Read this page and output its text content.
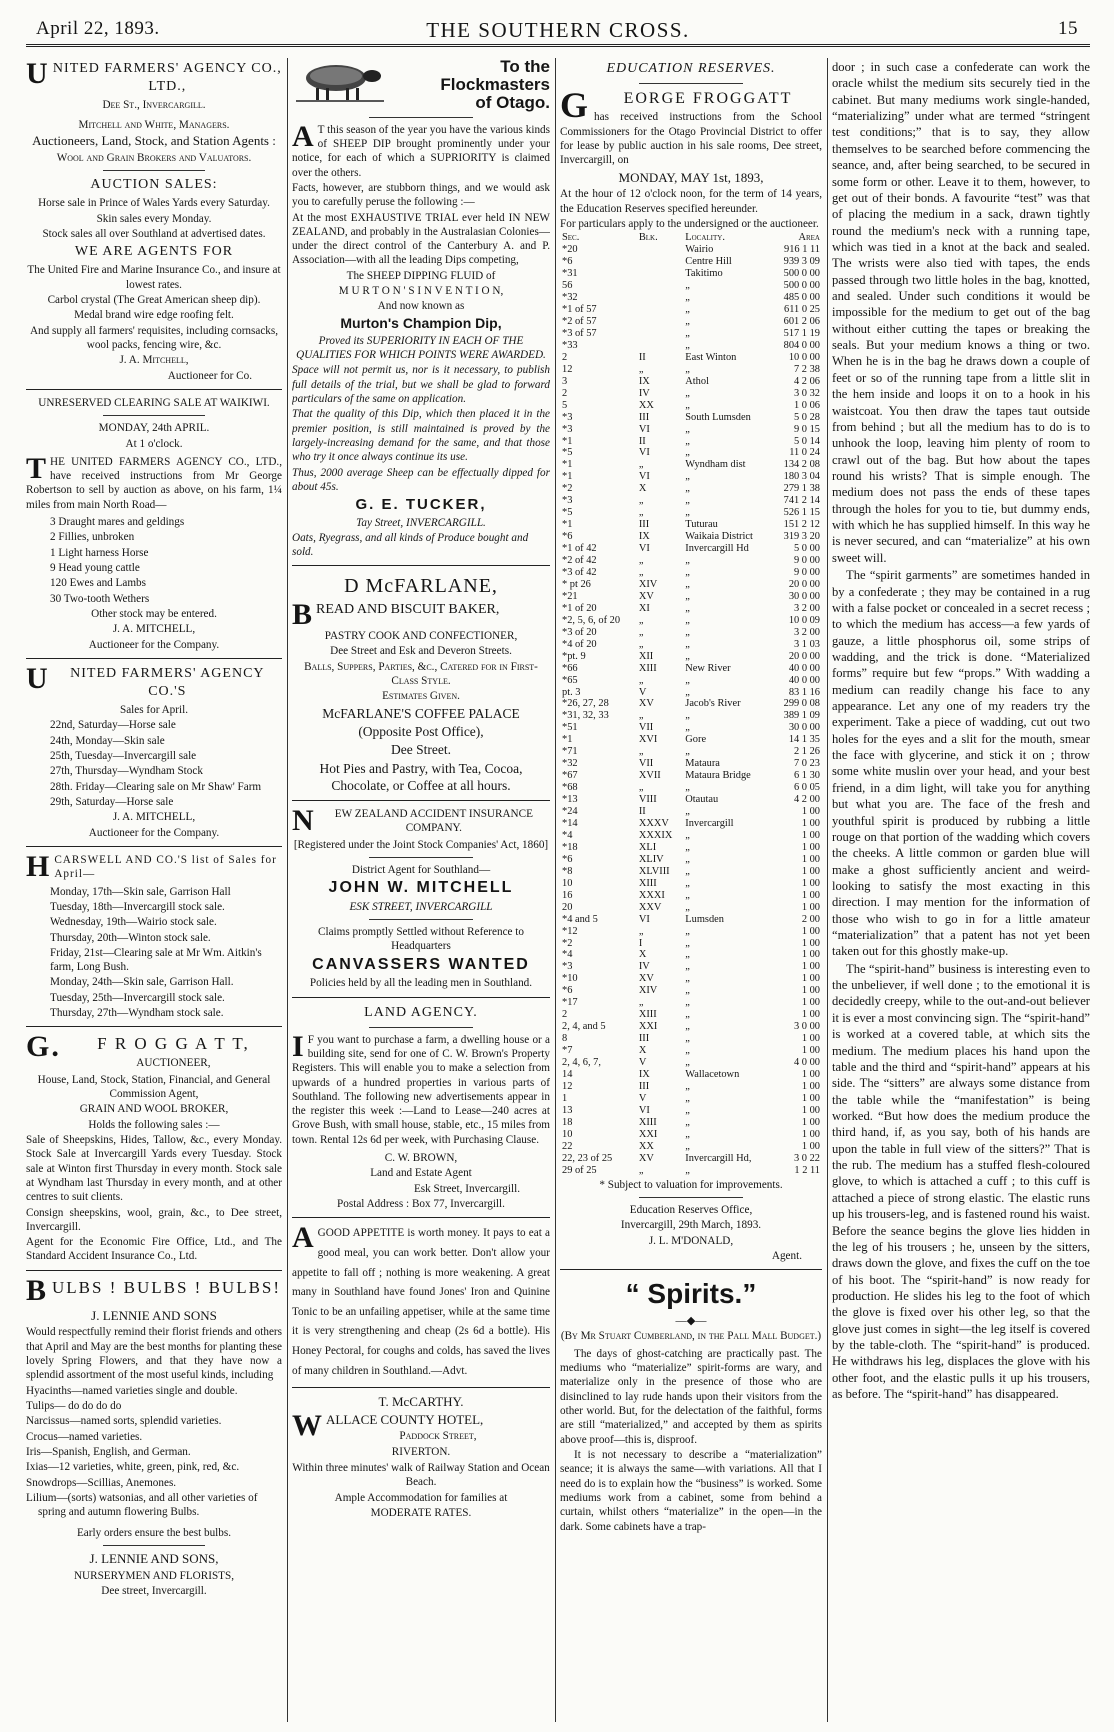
April 22, 1893.	THE SOUTHERN CROSS.	15

UNITED FARMERS' AGENCY CO., LTD.,

Dee St., Invercargill.

Mitchell and White, Managers.

Auctioneers, Land, Stock, and Station Agents :

Wool and Grain Brokers and Valuators.

AUCTION SALES:

Horse sale in Prince of Wales Yards every Saturday.

Skin sales every Monday.

Stock sales all over Southland at advertised dates.

WE ARE AGENTS FOR

The United Fire and Marine Insurance Co., and insure at lowest rates.

Carbol crystal (The Great American sheep dip).

Medal brand wire edge roofing felt.

And supply all farmers' requisites, including cornsacks, wool packs, fencing wire, &c.

J. A. Mitchell,

Auctioneer for Co.

UNRESERVED CLEARING SALE AT WAIKIWI.

MONDAY, 24th APRIL.

At 1 o'clock.

THE UNITED FARMERS AGENCY CO., LTD., have received instructions from Mr George Robertson to sell by auction as above, on his farm, 1¼ miles from main North Road—

3 Draught mares and geldings

2 Fillies, unbroken

1 Light harness Horse

9 Head young cattle

120 Ewes and Lambs

30 Two-tooth Wethers

Other stock may be entered.

J. A. MITCHELL,

Auctioneer for the Company.

U NITED FARMERS' AGENCY CO.'S

Sales for April.

22nd, Saturday—Horse sale

24th, Monday—Skin sale

25th, Tuesday—Invercargill sale

27th, Thursday—Wyndham Stock

28th. Friday—Clearing sale on Mr Shaw' Farm

29th, Saturday—Horse sale

J. A. MITCHELL,

Auctioneer for the Company.

HCARSWELL AND CO.'S list of Sales for April—

Monday, 17th—Skin sale, Garrison Hall

Tuesday, 18th—Invercargill stock sale.

Wednesday, 19th—Wairio stock sale.

Thursday, 20th—Winton stock sale.

Friday, 21st—Clearing sale at Mr Wm. Aitkin's farm, Long Bush.

Monday, 24th—Skin sale, Garrison Hall.

Tuesday, 25th—Invercargill stock sale.

Thursday, 27th—Wyndham stock sale.

G. F R O G G A T T,

AUCTIONEER,

House, Land, Stock, Station, Financial, and General Commission Agent,

GRAIN AND WOOL BROKER,

Holds the following sales :—

Sale of Sheepskins, Hides, Tallow, &c., every Monday. Stock Sale at Invercargill Yards every Tuesday. Stock sale at Winton first Thursday in every month. Stock sale at Wyndham last Thursday in every month, and at other centres to suit clients.

Consign sheepskins, wool, grain, &c., to Dee street, Invercargill.

Agent for the Economic Fire Office, Ltd., and The Standard Accident Insurance Co., Ltd.

BULBS ! BULBS ! BULBS!

J. LENNIE AND SONS

Would respectfully remind their florist friends and others that April and May are the best months for planting these lovely Spring Flowers, and that they have now a splendid assortment of the most useful kinds, including

Hyacinths—named varieties single and double.

Tulips— do do do do

Narcissus—named sorts, splendid varieties.

Crocus—named varieties.

Iris—Spanish, English, and German.

Ixias—12 varieties, white, green, pink, red, &c.

Snowdrops—Scillias, Anemones.

Lilium—(sorts) watsonias, and all other varieties of spring and autumn flowering Bulbs.

Early orders ensure the best bulbs.

J. LENNIE AND SONS,

NURSERYMEN AND FLORISTS,

Dee street, Invercargill.

To the
Flockmasters
of Otago.

A T this season of the year you have the various kinds of SHEEP DIP brought prominently under your notice, for each of which a SUPRIORITY is claimed over the others.

Facts, however, are stubborn things, and we would ask you to carefully peruse the following :—

At the most EXHAUSTIVE TRIAL ever held IN NEW ZEALAND, and probably in the Australasian Colonies—under the direct control of the Canterbury A. and P. Association—with all the leading Dips competing,

The SHEEP DIPPING FLUID of

M U R T O N ' S I N V E N T I O N,

And now known as

Murton's Champion Dip,

Proved its SUPERIORITY IN EACH OF THE QUALITIES FOR WHICH POINTS WERE AWARDED.

Space will not permit us, nor is it necessary, to publish full details of the trial, but we shall be glad to forward particulars of the same on application.

That the quality of this Dip, which then placed it in the premier position, is still maintained is proved by the largely-increasing demand for the same, and that those who try it once always continue its use.

Thus, 2000 average Sheep can be effectually dipped for about 45s.

G. E. TUCKER,

Tay Street, INVERCARGILL.

Oats, Ryegrass, and all kinds of Produce bought and sold.

D McFARLANE,

BREAD AND BISCUIT BAKER,

PASTRY COOK AND CONFECTIONER,

Dee Street and Esk and Deveron Streets.

Balls, Suppers, Parties, &c., Catered for in First-Class Style.

Estimates Given.

McFARLANE'S COFFEE PALACE

(Opposite Post Office),

Dee Street.

Hot Pies and Pastry, with Tea, Cocoa, Chocolate, or Coffee at all hours.

N EW ZEALAND ACCIDENT INSURANCE COMPANY.

[Registered under the Joint Stock Companies' Act, 1860]

District Agent for Southland—

JOHN W. MITCHELL

ESK STREET, INVERCARGILL

Claims promptly Settled without Reference to Headquarters

CANVASSERS WANTED

Policies held by all the leading men in Southland.

LAND AGENCY.

I F you want to purchase a farm, a dwelling house or a building site, send for one of C. W. Brown's Property Registers. This will enable you to make a selection from upwards of a hundred properties in various parts of Southland. The following new advertisements appear in the register this week :—Land to Lease—240 acres at Grove Bush, with small house, stable, etc., 15 miles from town. Rental 12s 6d per week, with Purchasing Clause.

C. W. BROWN,

Land and Estate Agent

Esk Street, Invercargill.

Postal Address : Box 77, Invercargill.

AGOOD APPETITE is worth money. It pays to eat a good meal, you can work better. Don't allow your appetite to fall off ; nothing is more weakening. A great many in Southland have found Jones' Iron and Quinine Tonic to be an unfailing appetiser, while at the same time it is very strengthening and cheap (2s 6d a bottle). His Honey Pectoral, for coughs and colds, has saved the lives of many children in Southland.—Advt.

T. McCARTHY.

WALLACE COUNTY HOTEL,

Paddock Street,

RIVERTON.

Within three minutes' walk of Railway Station and Ocean Beach.

Ample Accommodation for families at

MODERATE RATES.

EDUCATION RESERVES.

G EORGE FROGGATT

has received instructions from the School Commissioners for the Otago Provincial District to offer for lease by public auction in his sale rooms, Dee street, Invercargill, on

MONDAY, MAY 1st, 1893,

At the hour of 12 o'clock noon, for the term of 14 years, the Education Reserves specified hereunder.

For particulars apply to the undersigned or the auctioneer.

Sec.	Blk.	Locality.	Area
*20		Wairio	916 1 11
*6		Centre Hill	939 3 09
*31		Takitimo	500 0 00
56		„	500 0 00
*32		„	485 0 00
*1 of 57		„	611 0 25
*2 of 57		„	601 2 06
*3 of 57		„	517 1 19
*33		„	804 0 00
2	II	East Winton	10 0 00
12	„	„	7 2 38
3	IX	Athol	4 2 06
2	IV	„	3 0 32
5	XX	„	1 0 06
*3	III	South Lumsden	5 0 28
*3	VI	„	9 0 15
*1	II	„	5 0 14
*5	VI	„	11 0 24
*1	„	Wyndham dist	134 2 08
*1	VI	„	180 3 04
*2	X	„	279 1 38
*3	„	„	741 2 14
*5	„	„	526 1 15
*1	III	Tuturau	151 2 12
*6	IX	Waikaia District	319 3 20
*1 of 42	VI	Invercargill Hd	5 0 00
*2 of 42	„	„	9 0 00
*3 of 42	„	„	9 0 00
* pt 26	XIV	„	20 0 00
*21	XV	„	30 0 00
*1 of 20	XI	„	3 2 00
*2, 5, 6, of 20	„	„	10 0 09
*3 of 20	„	„	3 2 00
*4 of 20	„	„	3 1 03
*pt. 9	XII	„	20 0 00
*66	XIII	New River	40 0 00
*65	„	„	40 0 00
pt. 3	V	„	83 1 16
*26, 27, 28	XV	Jacob's River	299 0 08
*31, 32, 33	„	„	389 1 09
*51	VII	„	30 0 00
*1	XVI	Gore	14 1 35
*71	„	„	2 1 26
*32	VII	Mataura	7 0 23
*67	XVII	Mataura Bridge	6 1 30
*68	„	„	6 0 05
*13	VIII	Otautau	4 2 00
*24	II	„	1 00
*14	XXXV	Invercargill	1 00
*4	XXXIX	„	1 00
*18	XLI	„	1 00
*6	XLIV	„	1 00
*8	XLVIII	„	1 00
10	XIII	„	1 00
16	XXXI	„	1 00
20	XXV	„	1 00
*4 and 5	VI	Lumsden	2 00
*12	„	„	1 00
*2	I	„	1 00
*4	X	„	1 00
*3	IV	„	1 00
*10	XV	„	1 00
*6	XIV	„	1 00
*17	„	„	1 00
2	XIII	„	1 00
2, 4, and 5	XXI	„	3 0 00
8	III	„	1 00
*7	X	„	1 00
2, 4, 6, 7,	V	„	4 0 00
14	IX	Wallacetown	1 00
12	III	„	1 00
1	V	„	1 00
13	VI	„	1 00
18	XIII	„	1 00
10	XXI	„	1 00
22	XX	„	1 00
22, 23 of 25	XV	Invercargill Hd,	3 0 22
29 of 25	„	„	1 2 11

* Subject to valuation for improvements.

Education Reserves Office,

Invercargill, 29th March, 1893.

J. L. M'DONALD,

Agent.

“ Spirits.”

—◆—

(By Mr Stuart Cumberland, in the Pall Mall Budget.)

The days of ghost-catching are practically past. The mediums who “materialize” spirit-forms are wary, and materialize only in the presence of those who are disinclined to lay rude hands upon their visitors from the other world. But, for the delectation of the faithful, forms are still “materialized,” and accepted by them as spirits above proof—this is, disproof.

It is not necessary to describe a “materialization” seance; it is always the same—with variations. All that I need do is to explain how the “business” is worked. Some mediums work from a cabinet, some from behind a curtain, whilst others “materialize” in the open—in the dark. Some cabinets have a trap-

door ; in such case a confederate can work the oracle whilst the medium sits securely tied in the cabinet. But many mediums work single-handed, “materializing” under what are termed “stringent test conditions;” that is to say, they allow themselves to be searched before commencing the seance, and, after being searched, to be secured in some form or other. Leave it to them, however, to get out of their bonds. A favourite “test” was that of placing the medium in a sack, drawn tightly round the medium's neck with a running tape, which was tied in a knot at the back and sealed. The wrists were also tied with tapes, the ends passed through two little holes in the bag, knotted, and sealed. Under such conditions it would be impossible for the medium to get out of the bag without either cutting the tapes or breaking the seals. But your medium knows a thing or two. When he is in the bag he draws down a couple of feet or so of the running tape from a little slit in the hem inside and loops it on to a hook in his waistcoat. You then draw the tapes taut outside from behind ; but all the medium has to do is to unhook the loop, leaving him plenty of room to crawl out of the bag. But how about the tapes round his wrists? That is simple enough. The medium does not pass the ends of these tapes through the holes for you to tie, but dummy ends, with which he has supplied himself. In this way he is never secured, and can “materialize” at his own sweet will.

The “spirit garments” are sometimes handed in by a confederate ; they may be contained in a rug with a false pocket or concealed in a secret recess ; to which the medium has access—a few yards of gauze, a little phosphorus oil, some strips of wadding, and the trick is done. “Materialized forms” require but few “props.” With wadding a medium can readily change his face to any appearance. Let any one of my readers try the experiment. Take a piece of wadding, cut out two holes for the eyes and a slit for the mouth, smear the face with glycerine, and stick it on ; throw some white muslin over your head, and your best friend, in a dim light, will take you for anything but what you are. The face of the fresh and youthful spirit is produced by rubbing a little rouge on that portion of the wadding which covers the cheeks. A little common or garden blue will make a ghost sufficiently ancient and weird-looking to satisfy the most exacting in this direction. I may mention for the information of those who wish to go in for a little amateur “materialization” that a patent has not yet been taken out for this ghostly make-up.

The “spirit-hand” business is interesting even to the unbeliever, if well done ; to the emotional it is decidedly creepy, while to the out-and-out believer it is ever a most convincing sign. The “spirit-hand” is worked at a covered table, at which sits the medium. The medium places his hand upon the table and the third and “spirit-hand” appears at his side. The “sitters” are always some distance from the table while the “manifestation” is being worked. “But how does the medium produce the third hand, if, as you say, both of his hands are upon the table in full view of the sitters?” That is the rub. The medium has a stuffed flesh-coloured glove, to which is attached a cuff ; to this cuff is attached a piece of strong elastic. The elastic runs up his trousers-leg, and is fastened round his waist. Before the seance begins the glove lies hidden in the leg of his trousers ; he, unseen by the sitters, draws down the glove, and fixes the cuff on the toe of his boot. The “spirit-hand” is now ready for production. He slides his leg to the foot of which the glove is fixed over his other leg, so that the glove just comes in sight—the leg itself is covered by the table-cloth. The “spirit-hand” is produced. He withdraws his leg, displaces the glove with his other foot, and the elastic pulls it up his trousers, as before. The “spirit-hand” has disappeared.
